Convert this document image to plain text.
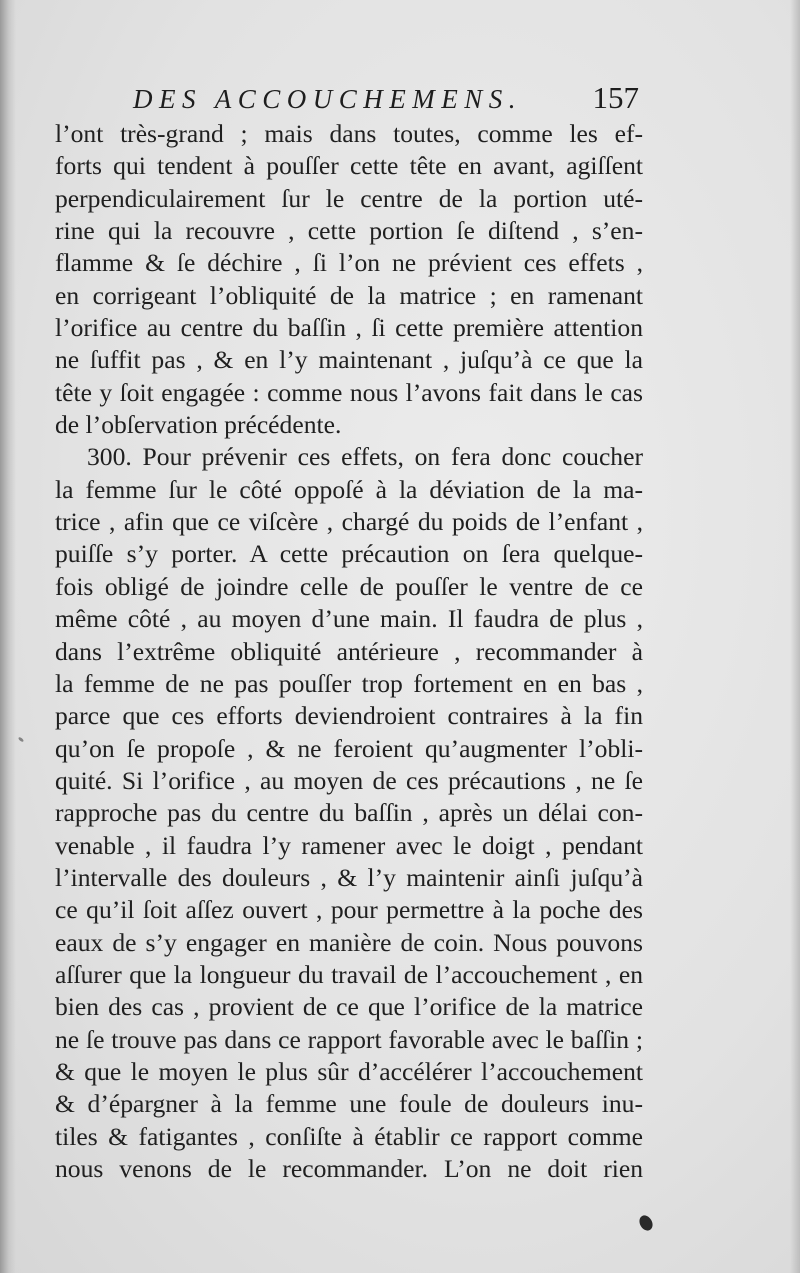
DES ACCOUCHEMENS. 157
l’ont très-grand ; mais dans toutes, comme les ef-
forts qui tendent à pouſſer cette tête en avant, agiſſent
perpendiculairement ſur le centre de la portion uté-
rine qui la recouvre , cette portion ſe diſtend , s’en-
flamme & ſe déchire , ſi l’on ne prévient ces effets ,
en corrigeant l’obliquité de la matrice ; en ramenant
l’orifice au centre du baſſin , ſi cette première attention
ne ſuffit pas , & en l’y maintenant , juſqu’à ce que la
tête y ſoit engagée : comme nous l’avons fait dans le cas
de l’obſervation précédente.
300. Pour prévenir ces effets, on fera donc coucher
la femme ſur le côté oppoſé à la déviation de la ma-
trice , afin que ce viſcère , chargé du poids de l’enfant ,
puiſſe s’y porter. A cette précaution on ſera quelque-
fois obligé de joindre celle de pouſſer le ventre de ce
même côté , au moyen d’une main. Il faudra de plus ,
dans l’extrême obliquité antérieure , recommander à
la femme de ne pas pouſſer trop fortement en en bas ,
parce que ces efforts deviendroient contraires à la fin
qu’on ſe propoſe , & ne feroient qu’augmenter l’obli-
quité. Si l’orifice , au moyen de ces précautions , ne ſe
rapproche pas du centre du baſſin , après un délai con-
venable , il faudra l’y ramener avec le doigt , pendant
l’intervalle des douleurs , & l’y maintenir ainſi juſqu’à
ce qu’il ſoit aſſez ouvert , pour permettre à la poche des
eaux de s’y engager en manière de coin. Nous pouvons
aſſurer que la longueur du travail de l’accouchement , en
bien des cas , provient de ce que l’orifice de la matrice
ne ſe trouve pas dans ce rapport favorable avec le baſſin ;
& que le moyen le plus sûr d’accélérer l’accouchement
& d’épargner à la femme une foule de douleurs inu-
tiles & fatigantes , conſiſte à établir ce rapport comme
nous venons de le recommander. L’on ne doit rien
